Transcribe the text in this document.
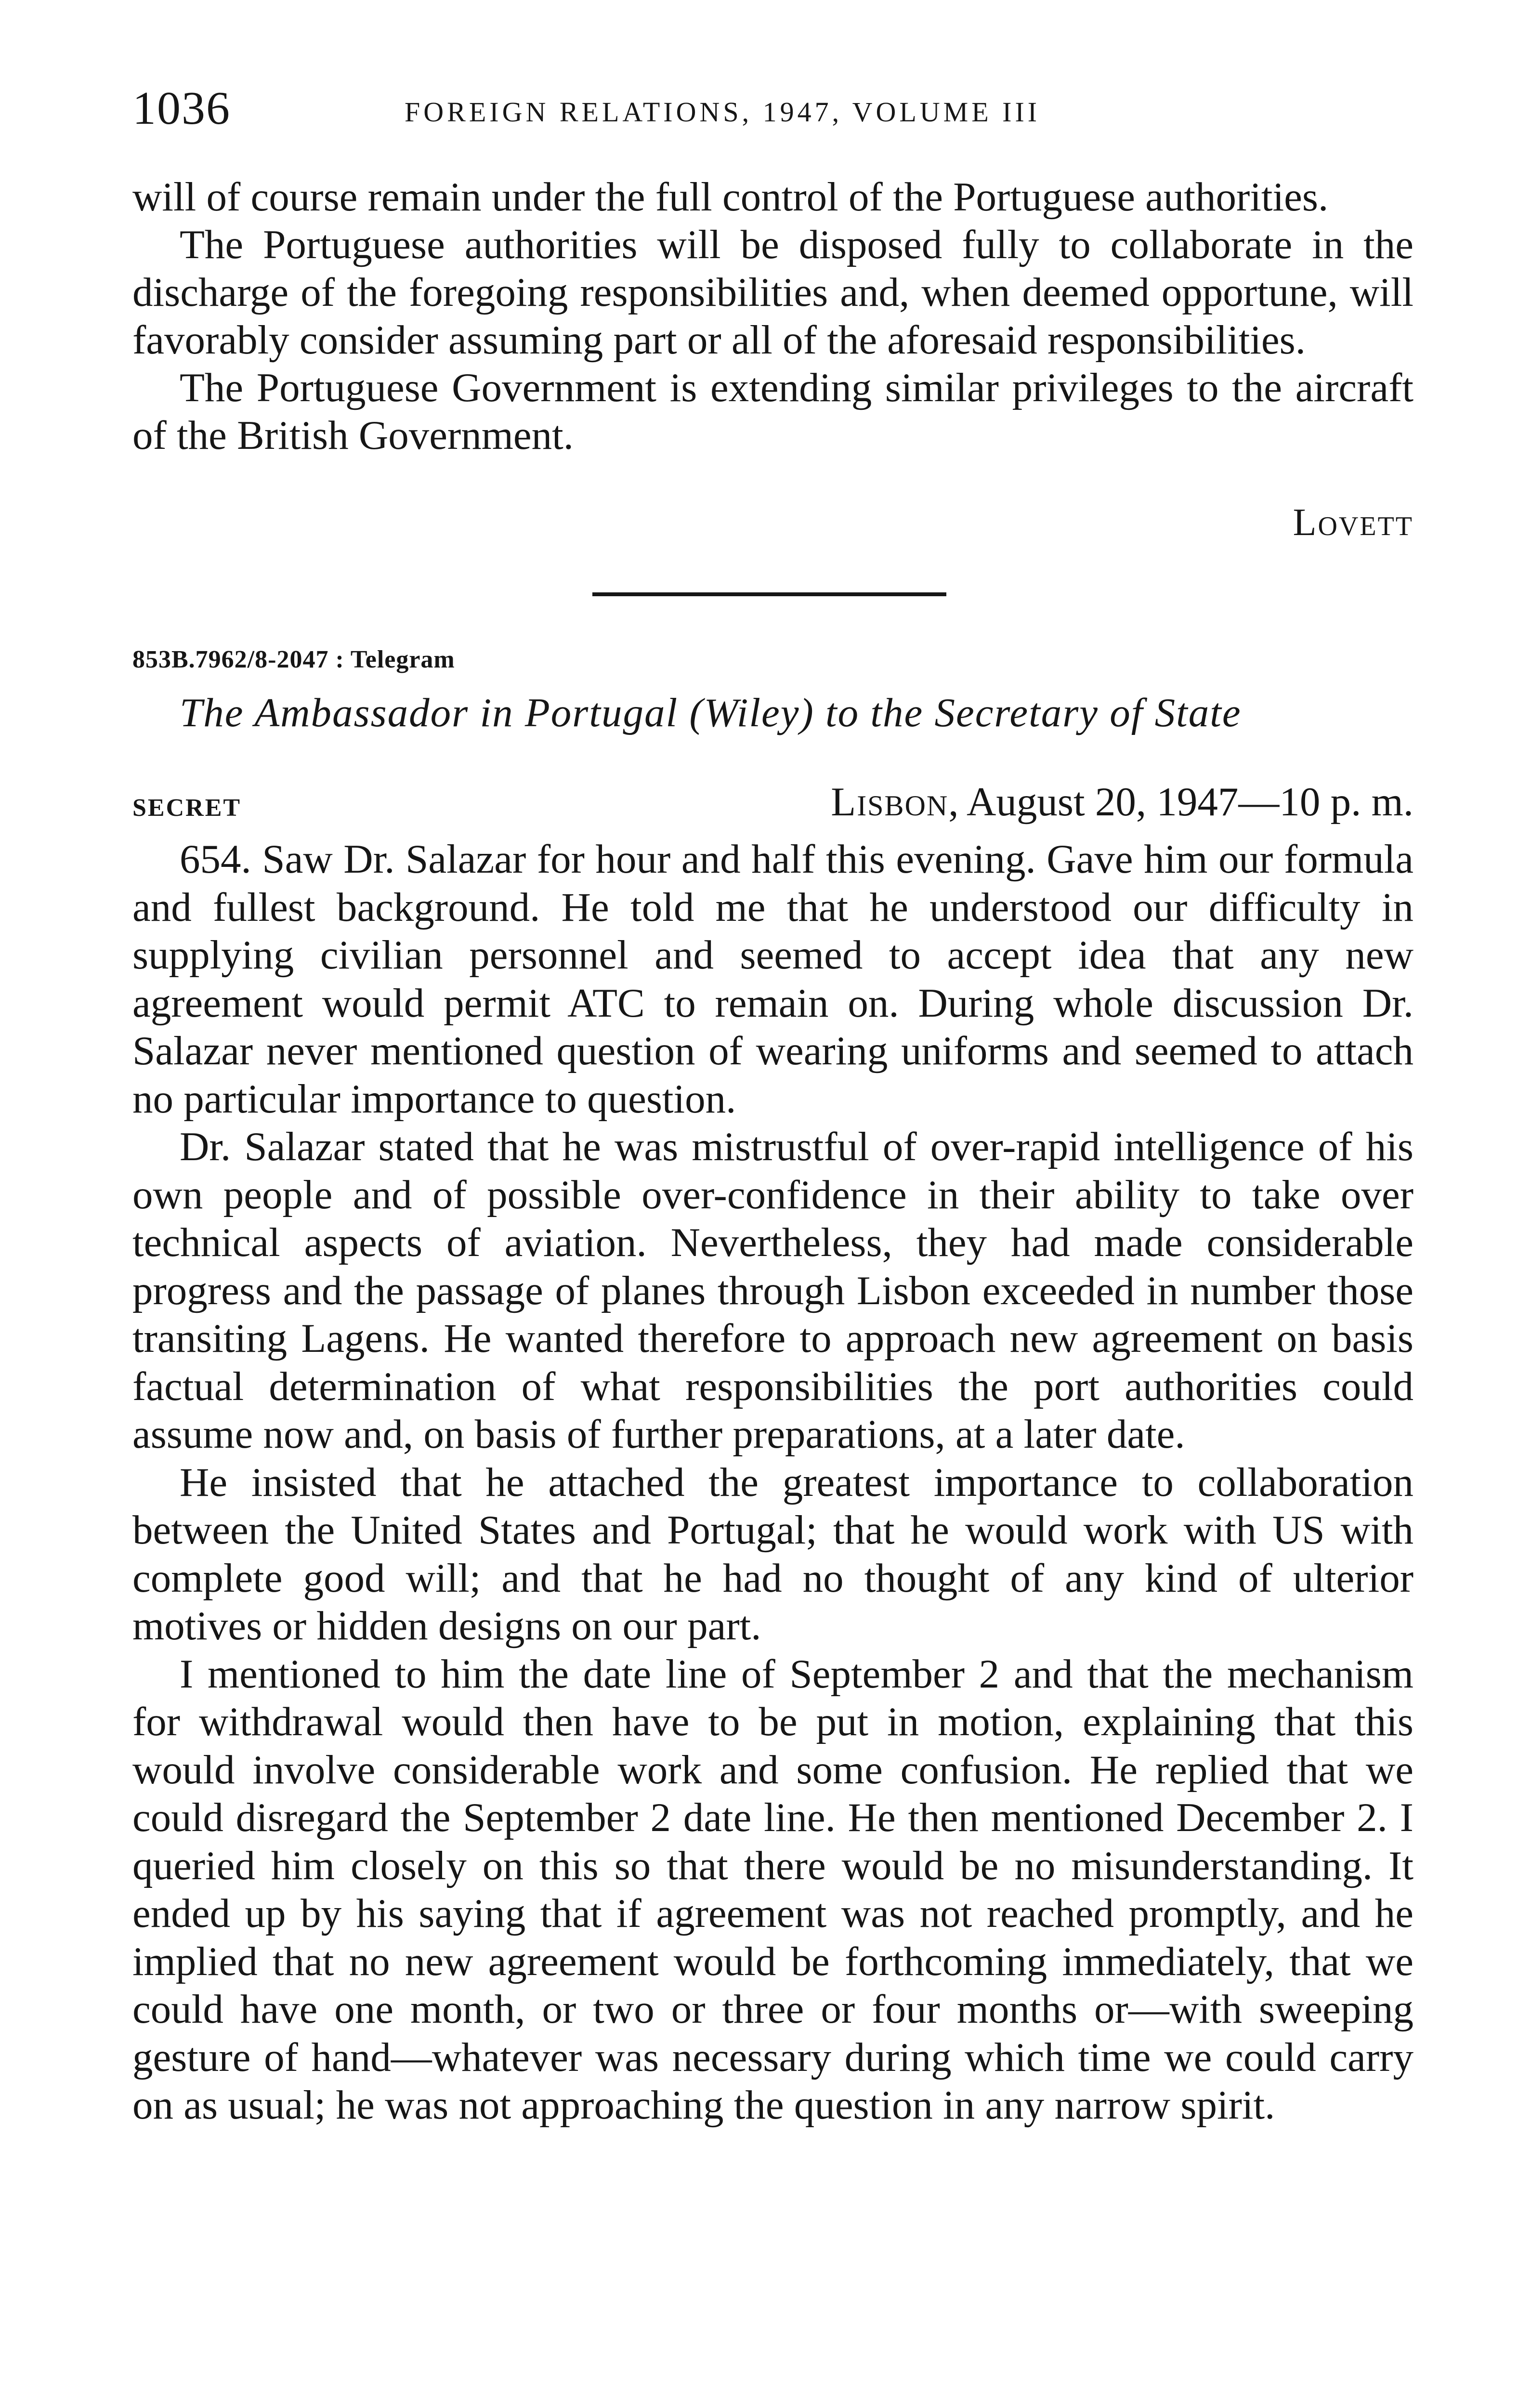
1036	FOREIGN RELATIONS, 1947, VOLUME III

will of course remain under the full control of the Portuguese authorities.

The Portuguese authorities will be disposed fully to collaborate in the discharge of the foregoing responsibilities and, when deemed opportune, will favorably consider assuming part or all of the aforesaid responsibilities.

The Portuguese Government is extending similar privileges to the aircraft of the British Government.

Lovett
853B.7962/8-2047 : Telegram
The Ambassador in Portugal (Wiley) to the Secretary of State
SECRET	Lisbon, August 20, 1947—10 p. m.

654. Saw Dr. Salazar for hour and half this evening. Gave him our formula and fullest background. He told me that he understood our difficulty in supplying civilian personnel and seemed to accept idea that any new agreement would permit ATC to remain on. During whole discussion Dr. Salazar never mentioned question of wearing uniforms and seemed to attach no particular importance to question.

Dr. Salazar stated that he was mistrustful of over-rapid intelligence of his own people and of possible over-confidence in their ability to take over technical aspects of aviation. Nevertheless, they had made considerable progress and the passage of planes through Lisbon exceeded in number those transiting Lagens. He wanted therefore to approach new agreement on basis factual determination of what responsibilities the port authorities could assume now and, on basis of further preparations, at a later date.

He insisted that he attached the greatest importance to collaboration between the United States and Portugal; that he would work with US with complete good will; and that he had no thought of any kind of ulterior motives or hidden designs on our part.

I mentioned to him the date line of September 2 and that the mechanism for withdrawal would then have to be put in motion, explaining that this would involve considerable work and some confusion. He replied that we could disregard the September 2 date line. He then mentioned December 2. I queried him closely on this so that there would be no misunderstanding. It ended up by his saying that if agreement was not reached promptly, and he implied that no new agreement would be forthcoming immediately, that we could have one month, or two or three or four months or—with sweeping gesture of hand—whatever was necessary during which time we could carry on as usual; he was not approaching the question in any narrow spirit.
